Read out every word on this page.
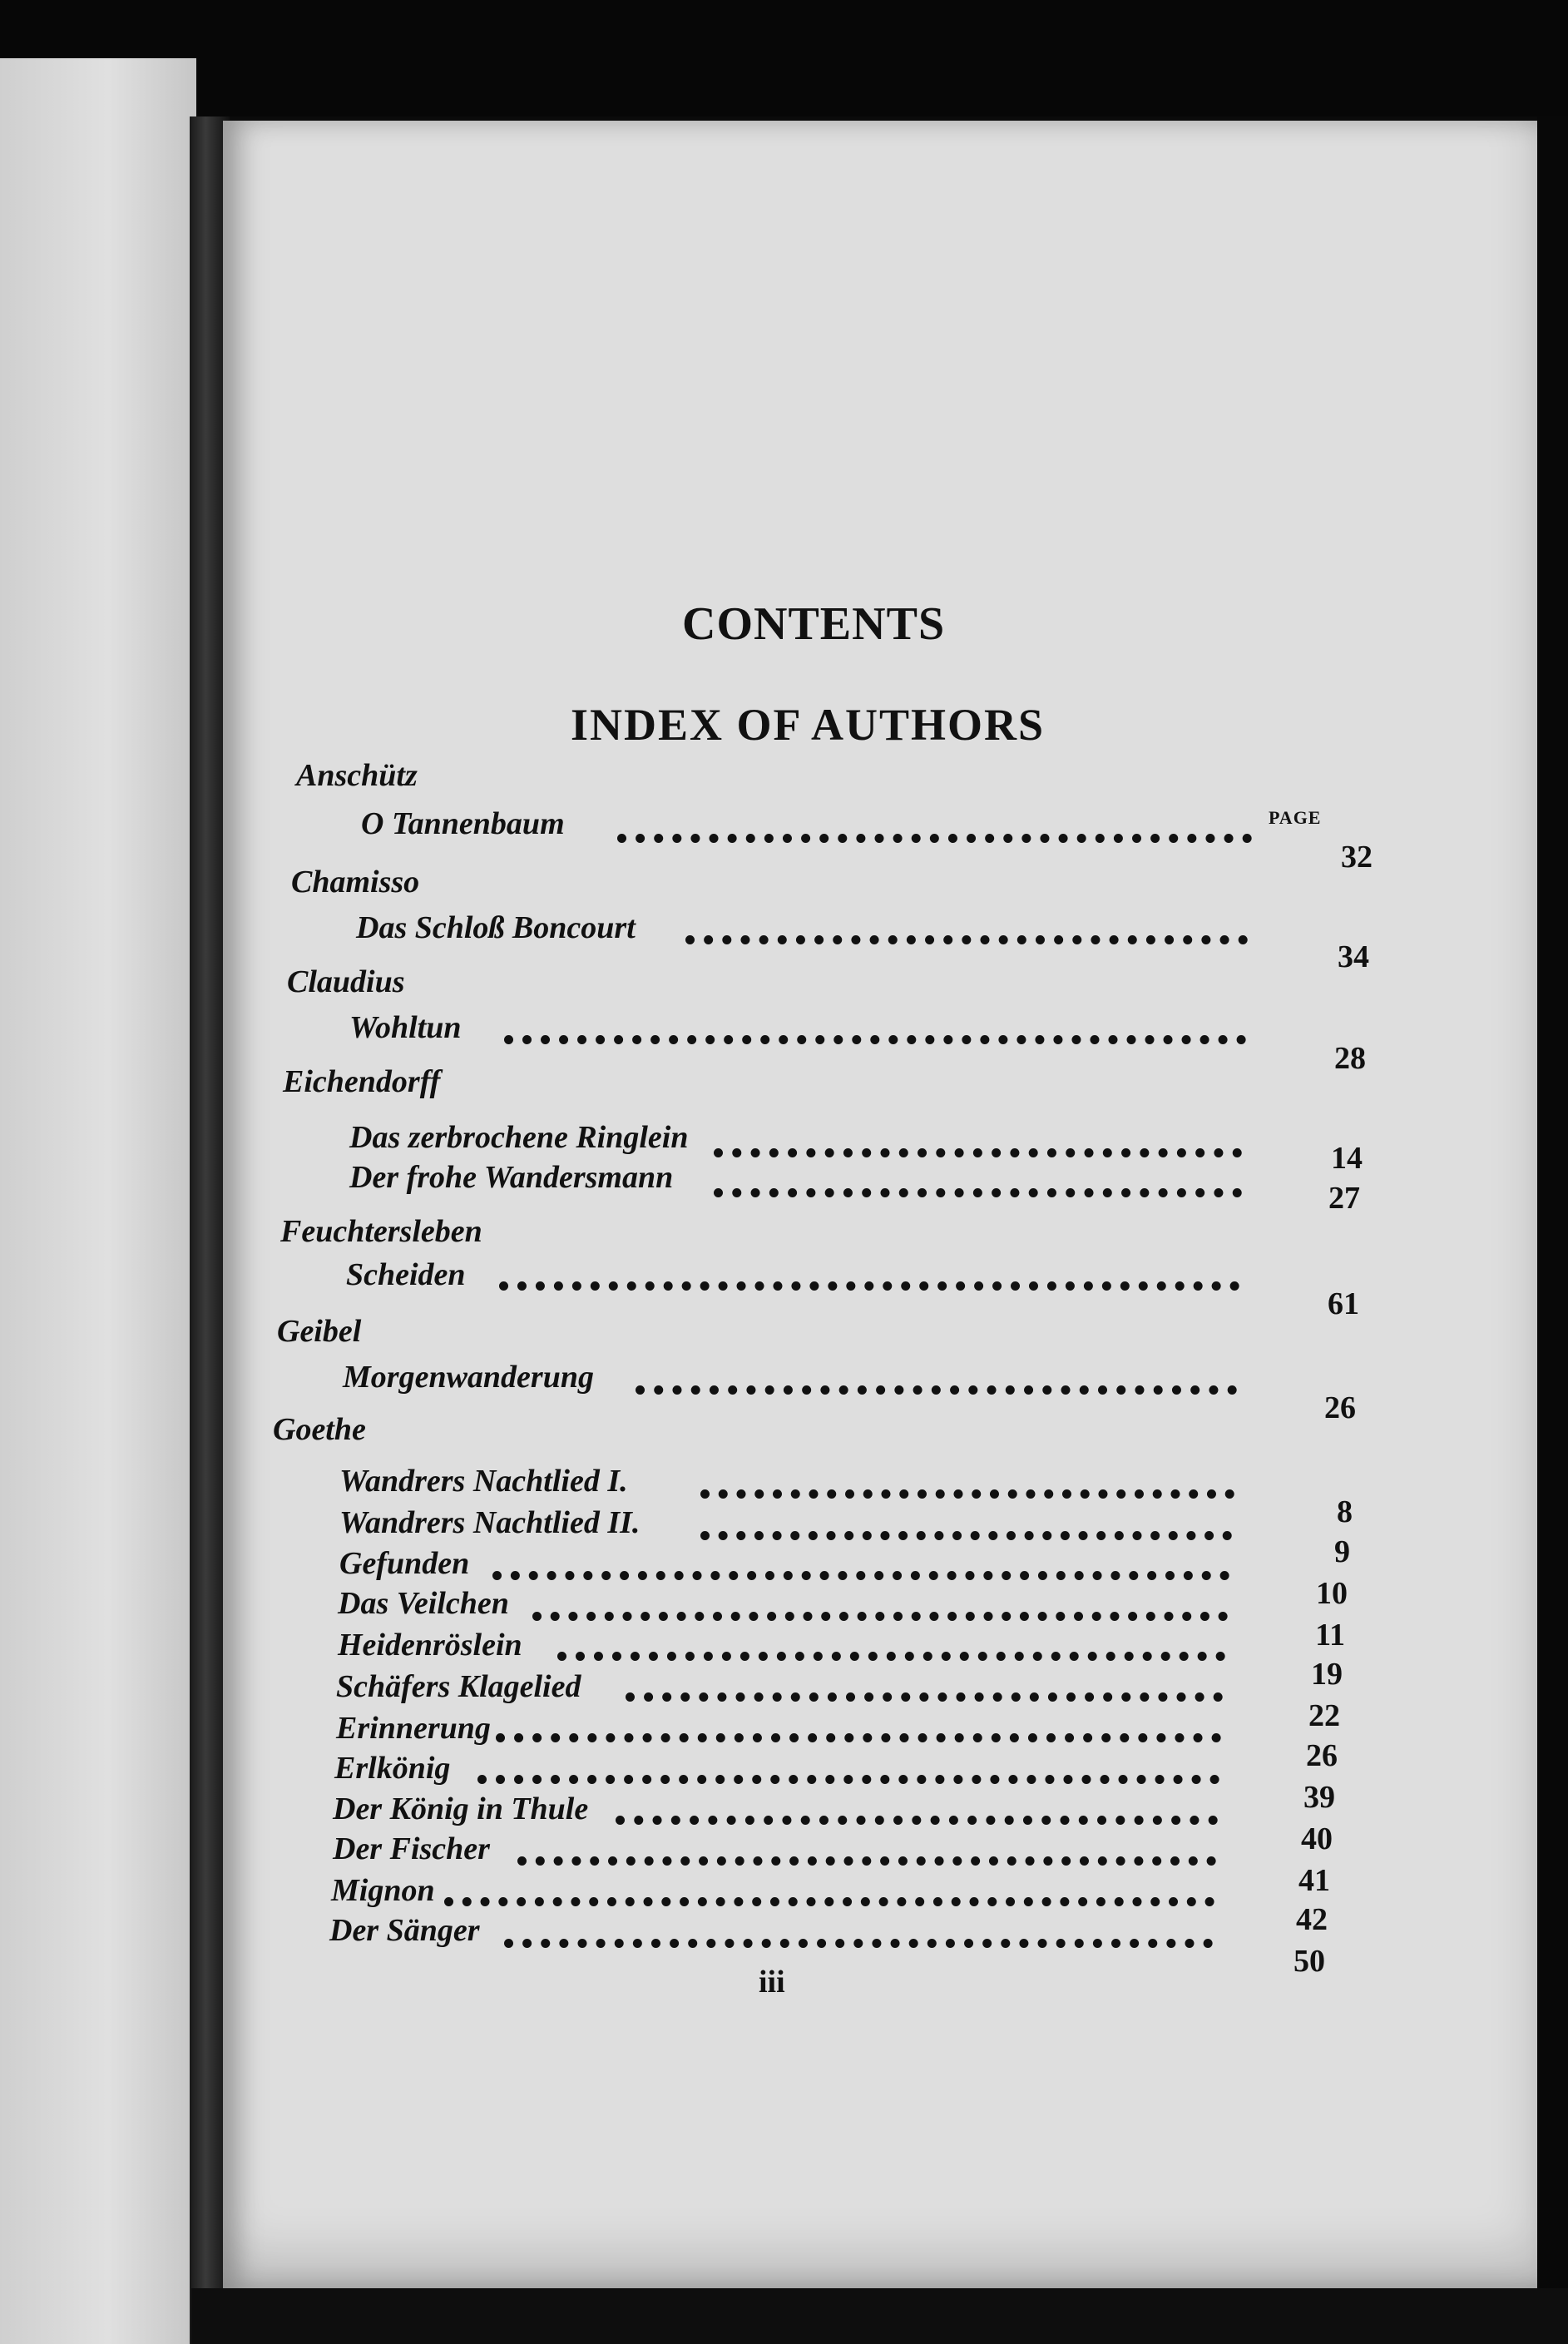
CONTENTS
INDEX OF AUTHORS
PAGE
Anschütz
O Tannenbaum
32
Chamisso
Das Schloß Boncourt
34
Claudius
Wohltun
28
Eichendorff
Das zerbrochene Ringlein
14
Der frohe Wandersmann
27
Feuchtersleben
Scheiden
61
Geibel
Morgenwanderung
26
Goethe
Wandrers Nachtlied I.
8
Wandrers Nachtlied II.
9
Gefunden
10
Das Veilchen
11
Heidenröslein
19
Schäfers Klagelied
22
Erinnerung
26
Erlkönig
39
Der König in Thule
40
Der Fischer
41
Mignon
42
Der Sänger
50
iii
